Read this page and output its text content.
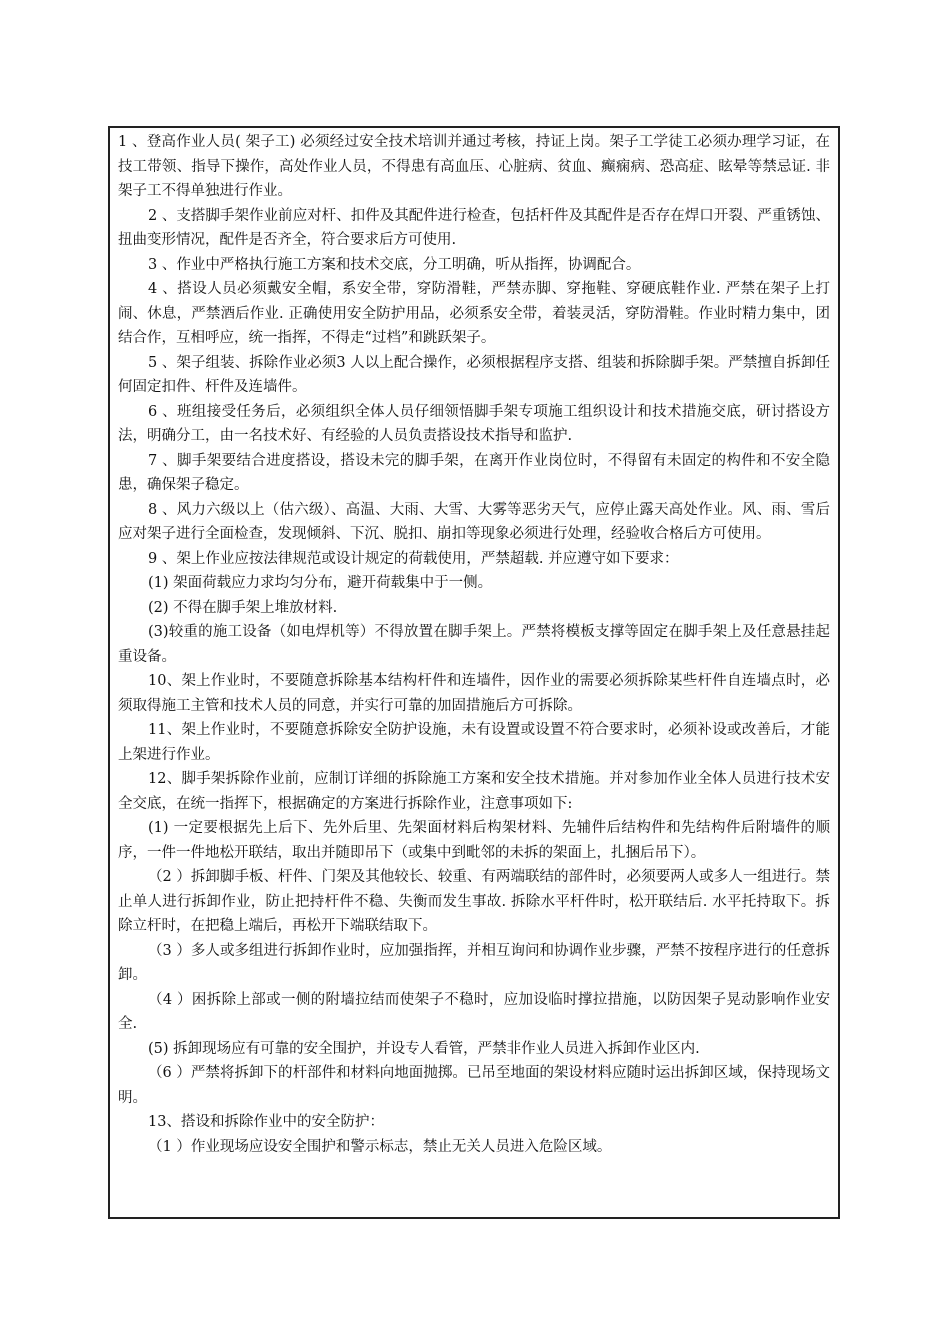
1 、登高作业人员( 架子工) 必须经过安全技术培训并通过考核，持证上岗。架子工学徒工必须办理学习证，在技工带领、指导下操作，高处作业人员，不得患有高血压、心脏病、贫血、癫痫病、恐高症、眩晕等禁忌证. 非架子工不得单独进行作业。

2 、支搭脚手架作业前应对杆、扣件及其配件进行检查，包括杆件及其配件是否存在焊口开裂、严重锈蚀、扭曲变形情况，配件是否齐全，符合要求后方可使用.

3 、作业中严格执行施工方案和技术交底，分工明确，听从指挥，协调配合。

4 、搭设人员必须戴安全帽，系安全带，穿防滑鞋，严禁赤脚、穿拖鞋、穿硬底鞋作业. 严禁在架子上打闹、休息，严禁酒后作业. 正确使用安全防护用品，必须系安全带，着装灵活，穿防滑鞋。作业时精力集中，团结合作，互相呼应，统一指挥，不得走“过档”和跳跃架子。

5 、架子组装、拆除作业必须3 人以上配合操作，必须根据程序支搭、组装和拆除脚手架。严禁擅自拆卸任何固定扣件、杆件及连墙件。

6 、班组接受任务后，必须组织全体人员仔细领悟脚手架专项施工组织设计和技术措施交底，研讨搭设方法，明确分工，由一名技术好、有经验的人员负责搭设技术指导和监护.

7 、脚手架要结合进度搭设，搭设未完的脚手架，在离开作业岗位时，不得留有未固定的构件和不安全隐患，确保架子稳定。

8 、风力六级以上（估六级）、高温、大雨、大雪、大雾等恶劣天气，应停止露天高处作业。风、雨、雪后应对架子进行全面检查，发现倾斜、下沉、脱扣、崩扣等现象必须进行处理，经验收合格后方可使用。

9 、架上作业应按法律规范或设计规定的荷载使用，严禁超载. 并应遵守如下要求：

(1) 架面荷载应力求均匀分布，避开荷载集中于一侧。

(2) 不得在脚手架上堆放材料.

(3)较重的施工设备（如电焊机等）不得放置在脚手架上。严禁将模板支撑等固定在脚手架上及任意悬挂起重设备。

10、架上作业时，不要随意拆除基本结构杆件和连墙件，因作业的需要必须拆除某些杆件自连墙点时，必须取得施工主管和技术人员的同意，并实行可靠的加固措施后方可拆除。

11、架上作业时，不要随意拆除安全防护设施，未有设置或设置不符合要求时，必须补设或改善后，才能上架进行作业。

12、脚手架拆除作业前，应制订详细的拆除施工方案和安全技术措施。并对参加作业全体人员进行技术安全交底，在统一指挥下，根据确定的方案进行拆除作业，注意事项如下:

(1) 一定要根据先上后下、先外后里、先架面材料后构架材料、先辅件后结构件和先结构件后附墙件的顺序，一件一件地松开联结，取出并随即吊下（或集中到毗邻的未拆的架面上，扎捆后吊下）。

（2 ）拆卸脚手板、杆件、门架及其他较长、较重、有两端联结的部件时，必须要两人或多人一组进行。禁止单人进行拆卸作业，防止把持杆件不稳、失衡而发生事故. 拆除水平杆件时，松开联结后. 水平托持取下。拆除立杆时，在把稳上端后，再松开下端联结取下。

（3 ）多人或多组进行拆卸作业时，应加强指挥，并相互询问和协调作业步骤，严禁不按程序进行的任意拆卸。

（4 ）困拆除上部或一侧的附墙拉结而使架子不稳时，应加设临时撑拉措施，以防因架子晃动影响作业安全.

(5) 拆卸现场应有可靠的安全围护，并设专人看管，严禁非作业人员进入拆卸作业区内.

（6 ）严禁将拆卸下的杆部件和材料向地面抛掷。已吊至地面的架设材料应随时运出拆卸区域，保持现场文明。

13、搭设和拆除作业中的安全防护：

（1 ）作业现场应设安全围护和警示标志，禁止无关人员进入危险区域。
